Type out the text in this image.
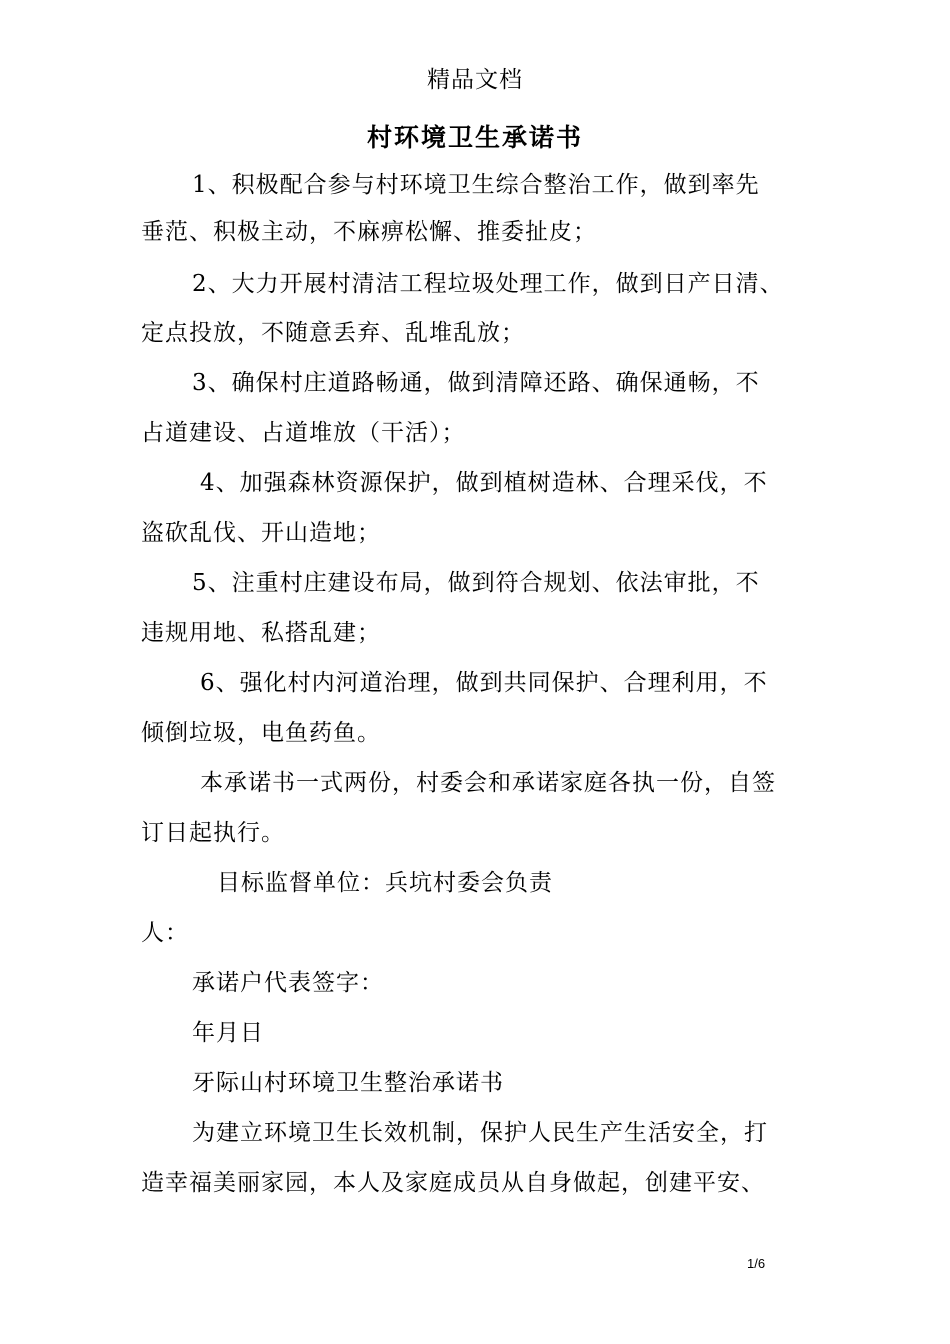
精品文档
村环境卫生承诺书
1、积极配合参与村环境卫生综合整治工作，做到率先
垂范、积极主动，不麻痹松懈、推委扯皮；
2、大力开展村清洁工程垃圾处理工作，做到日产日清、
定点投放，不随意丢弃、乱堆乱放；
3、确保村庄道路畅通，做到清障还路、确保通畅，不
占道建设、占道堆放（干活）；
4、加强森林资源保护，做到植树造林、合理采伐，不
盗砍乱伐、开山造地；
5、注重村庄建设布局，做到符合规划、依法审批，不
违规用地、私搭乱建；
6、强化村内河道治理，做到共同保护、合理利用，不
倾倒垃圾，电鱼药鱼。
本承诺书一式两份，村委会和承诺家庭各执一份，自签
订日起执行。
目标监督单位：兵坑村委会负责
人：
承诺户代表签字：
年月日
牙际山村环境卫生整治承诺书
为建立环境卫生长效机制，保护人民生产生活安全，打
造幸福美丽家园，本人及家庭成员从自身做起，创建平安、
1/6
